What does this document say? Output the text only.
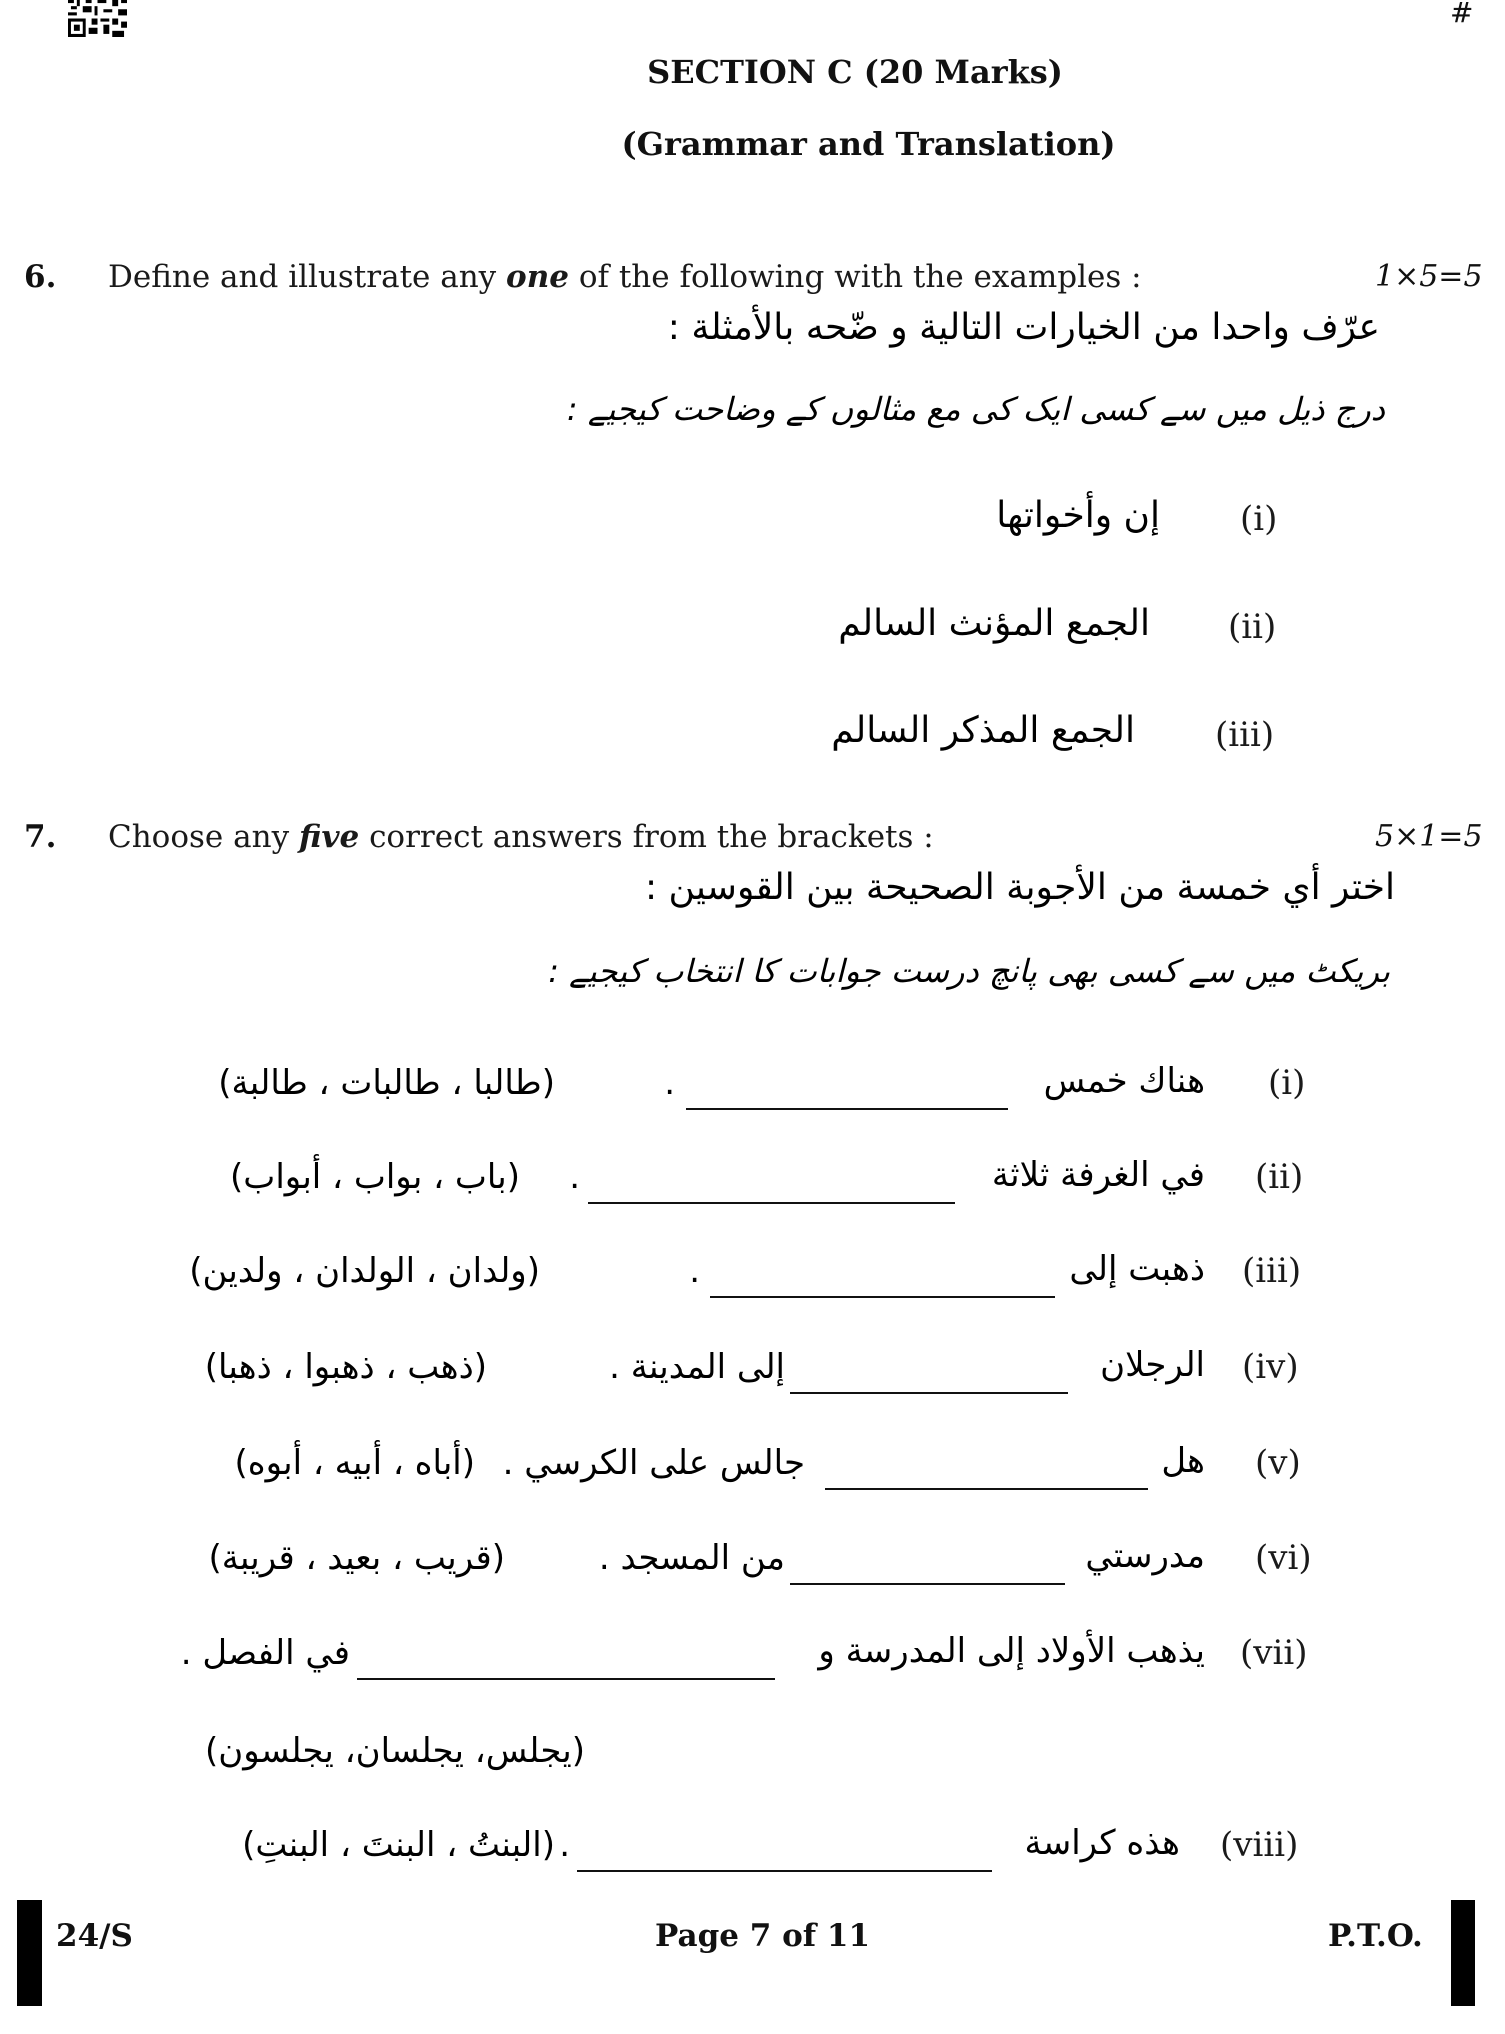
#
SECTION C (20 Marks)
(Grammar and Translation)
6. Define and illustrate any one of the following with the examples :	1×5=5
عرّف واحدا من الخيارات التالية و ضّحه بالأمثلة :
درج ذیل میں سے کسی ایک کی مع مثالوں کے وضاحت کیجیے :
(i)
إن وأخواتها
(ii)
الجمع المؤنث السالم
(iii)
الجمع المذكر السالم
7. Choose any five correct answers from the brackets :	5×1=5
اختر أي خمسة من الأجوبة الصحيحة بين القوسين :
بریکٹ میں سے کسی بھی پانچ درست جوابات کا انتخاب کیجیے :
(i)
هناك خمس
.
(طالبا ، طالبات ، طالبة)
(ii)
في الغرفة ثلاثة
.
(باب ، بواب ، أبواب)
(iii)
ذهبت إلى
.
(ولدان ، الولدان ، ولدين)
(iv)
الرجلان
إلى المدينة .
(ذهب ، ذهبوا ، ذهبا)
(v)
هل
جالس على الكرسي .
(أباه ، أبيه ، أبوه)
(vi)
مدرستي
من المسجد .
(قريب ، بعيد ، قريبة)
(vii)
يذهب الأولاد إلى المدرسة و
في الفصل .
(يجلس، يجلسان، يجلسون)
(viii)
هذه كراسة
.
(البنتُ ، البنتَ ، البنتِ)
24/S	Page 7 of 11	P.T.O.
